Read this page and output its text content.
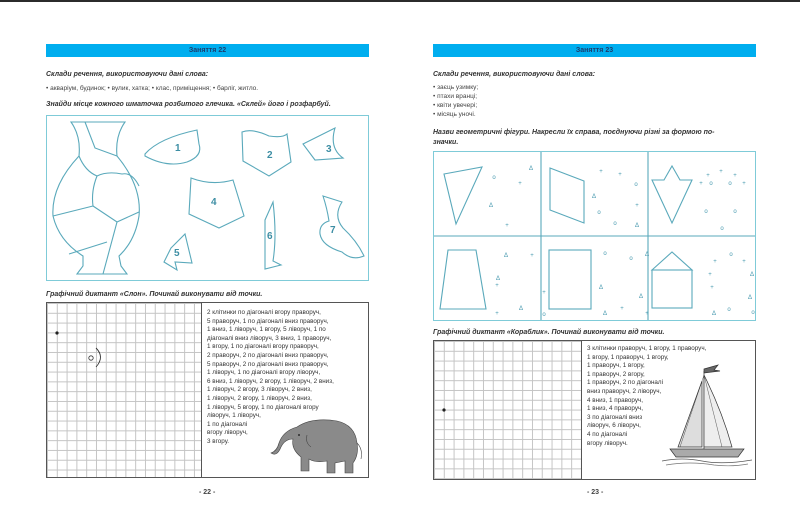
Заняття 22
Склади речення, використовуючи дані слова:
• акваріум, будинок; • вулик, хатка; • клас, приміщення; • барліг, житло.
Знайди місце кожного шматочка розбитого глечика. «Склей» його і розфарбуй.
1
2
3
4
5
6
7
Графічний диктант «Слон». Починай виконувати від точки.
2 клітинки по діагоналі вгору праворуч,
5 праворуч, 1 по діагоналі вниз праворуч,
1 вниз, 1 ліворуч, 1 вгору, 5 ліворуч, 1 по
діагоналі вниз ліворуч, 3 вниз, 1 праворуч,
1 вгору, 1 по діагоналі вгору праворуч,
2 праворуч, 2 по діагоналі вниз праворуч,
5 праворуч, 2 по діагоналі вниз праворуч,
1 ліворуч, 1 по діагоналі вгору ліворуч,
6 вниз, 1 ліворуч, 2 вгору, 1 ліворуч, 2 вниз,
1 ліворуч, 2 вгору, 3 ліворуч, 2 вниз,
1 ліворуч, 2 вгору, 1 ліворуч, 2 вниз,
1 ліворуч, 5 вгору, 1 по діагоналі вгору
ліворуч, 1 ліворуч,
1 по діагоналі
вгору ліворуч,
3 вгору.
- 22 -
Заняття 23
Склади речення, використовуючи дані слова:
• заєць узимку;
• птахи вранці;
• квіти увечері;
• місяць уночі.
Назви геометричні фігури. Накресли їх справа, поєднуючи різні за формою по-
значки.
o
Δ
+
Δ
+
+	+
o
Δ
o
+
o	Δ
+
+
+
+ o	o +
o	o
o
Δ	+
Δ
+
+
Δ
+	o
o
o
Δ
Δ
Δ
Δ
+
+
o
+	+
+	Δ
+
Δ
Δ
o	o
Графічний диктант «Кораблик». Починай виконувати від точки.
3 клітинки праворуч, 1 вгору, 1 праворуч,
1 вгору, 1 праворуч, 1 вгору,
1 праворуч, 1 вгору,
1 праворуч, 2 вгору,
1 праворуч, 2 по діагоналі
вниз праворуч, 2 ліворуч,
4 вниз, 1 праворуч,
1 вниз, 4 праворуч,
3 по діагоналі вниз
ліворуч, 6 ліворуч,
4 по діагоналі
вгору ліворуч.
- 23 -
